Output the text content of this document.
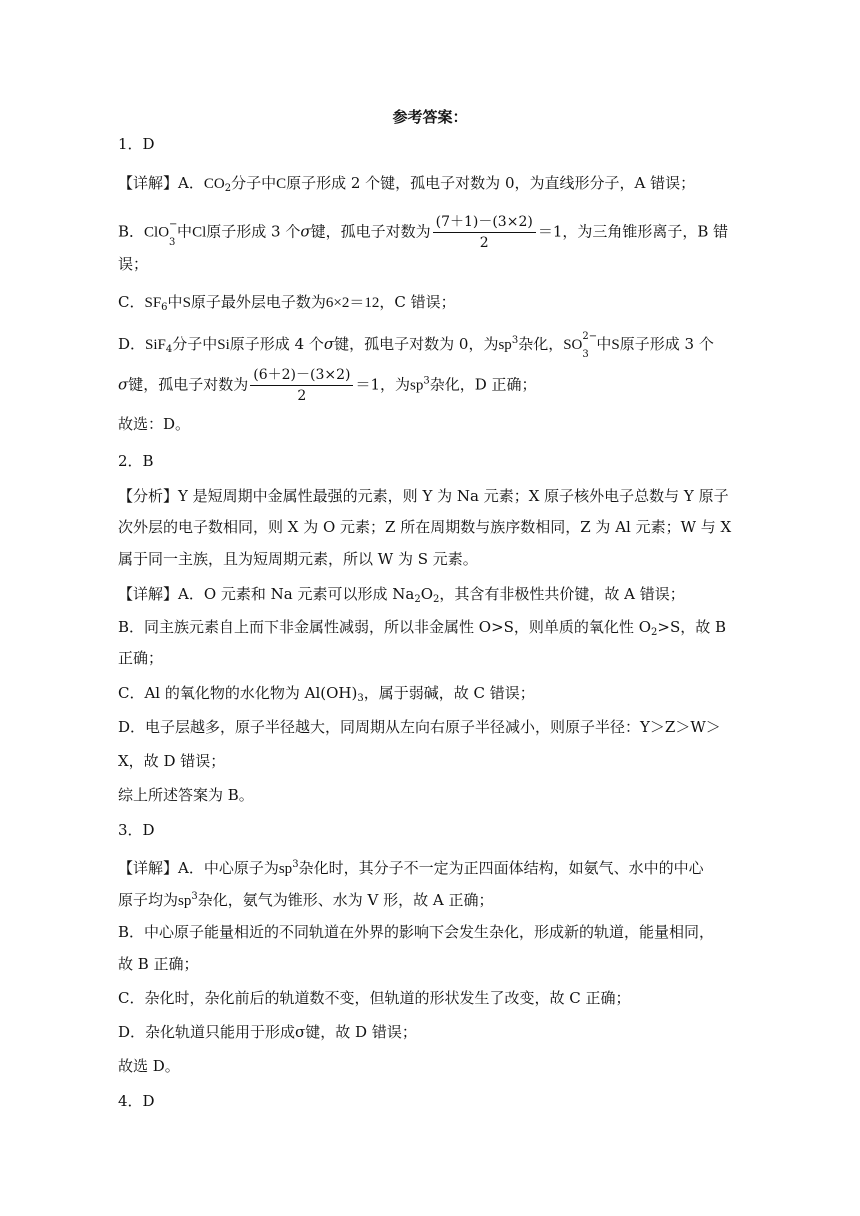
参考答案：
1．D
【详解】A．$CO_2$分子中C原子形成 2 个键，孤电子对数为 0，为直线形分子，A 错误；
B．ClO
3
− 中Cl原子形成 3 个σ键，孤电子对数为 $\frac{(7+1)-(3\times 2)}{2} =1$，为三角锥形离子，B 错
误；
C．$SF_6$中S原子最外层电子数为6×2＝12，C 错误；
D．SiF$_4$分子中Si原子形成 4 个σ键，孤电子对数为 0，为$sp^3$杂化，SO
3
2− 中S原子形成 3 个
σ键，孤电子对数为 $\frac{(6+2)-(3\times 2)}{2} =1$，为$sp^3$杂化，D 正确；
故选：D。
2．B
【分析】Y 是短周期中金属性最强的元素，则 Y 为 Na 元素；X 原子核外电子总数与 Y 原子
次外层的电子数相同，则 X 为 O 元素；Z 所在周期数与族序数相同，Z 为 Al 元素；W 与 X
属于同一主族，且为短周期元素，所以 W 为 S 元素。
【详解】A．O 元素和 Na 元素可以形成 $Na_2O_2$，其含有非极性共价键，故 A 错误；
B．同主族元素自上而下非金属性减弱，所以非金属性 O>S，则单质的氧化性 $O_2>S$，故 B
正确；
C．Al 的氧化物的水化物为 $Al(OH)_3$，属于弱碱，故 C 错误；
D．电子层越多，原子半径越大，同周期从左向右原子半径减小，则原子半径：Y＞Z＞W＞
X，故 D 错误；
综上所述答案为 B。
3．D
【详解】A．中心原子为$sp^3$杂化时，其分子不一定为正四面体结构，如氨气、水中的中心
原子均为$sp^3$杂化，氨气为锥形、水为 V 形，故 A 正确；
B．中心原子能量相近的不同轨道在外界的影响下会发生杂化，形成新的轨道，能量相同，
故 B 正确；
C．杂化时，杂化前后的轨道数不变，但轨道的形状发生了改变，故 C 正确；
D．杂化轨道只能用于形成σ键，故 D 错误；
故选 D。
4．D
